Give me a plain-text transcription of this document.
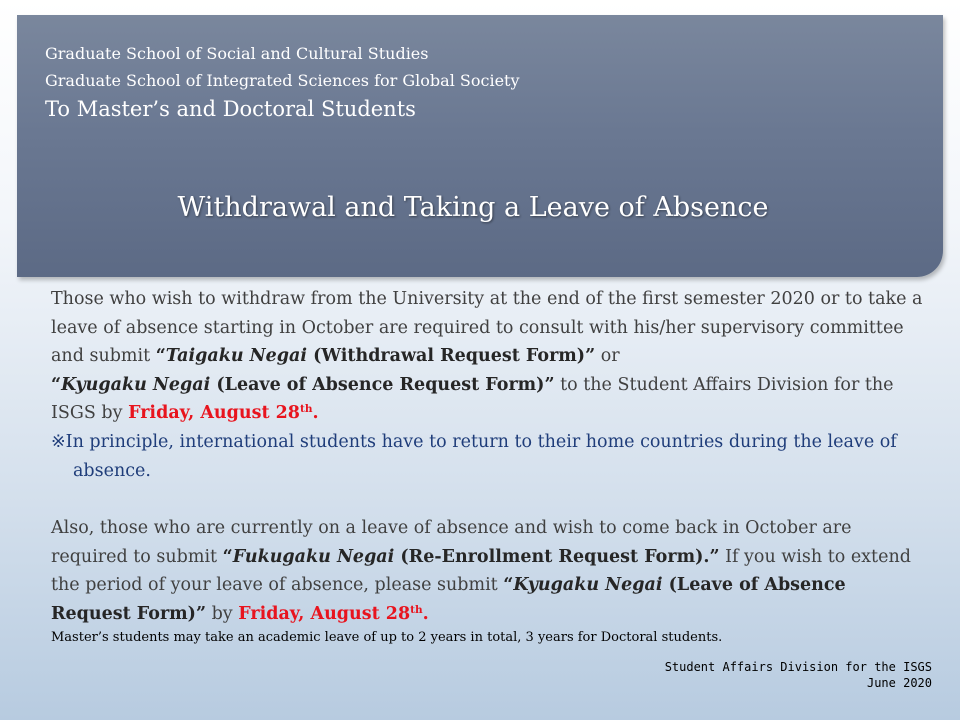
Graduate School of Social and Cultural Studies
Graduate School of Integrated Sciences for Global Society
To Master’s and Doctoral Students
Withdrawal and Taking a Leave of Absence
Those who wish to withdraw from the University at the end of the first semester 2020 or to take a leave of absence starting in October are required to consult with his/her supervisory committee and submit “Taigaku Negai (Withdrawal Request Form)” or
“Kyugaku Negai (Leave of Absence Request Form)” to the Student Affairs Division for the ISGS by Friday, August 28th.
※In principle, international students have to return to their home countries during the leave of absence.
Also, those who are currently on a leave of absence and wish to come back in October are required to submit “Fukugaku Negai (Re-Enrollment Request Form).” If you wish to extend the period of your leave of absence, please submit “Kyugaku Negai (Leave of Absence Request Form)” by Friday, August 28th.
Master’s students may take an academic leave of up to 2 years in total, 3 years for Doctoral students.
Student Affairs Division for the ISGS
June 2020
